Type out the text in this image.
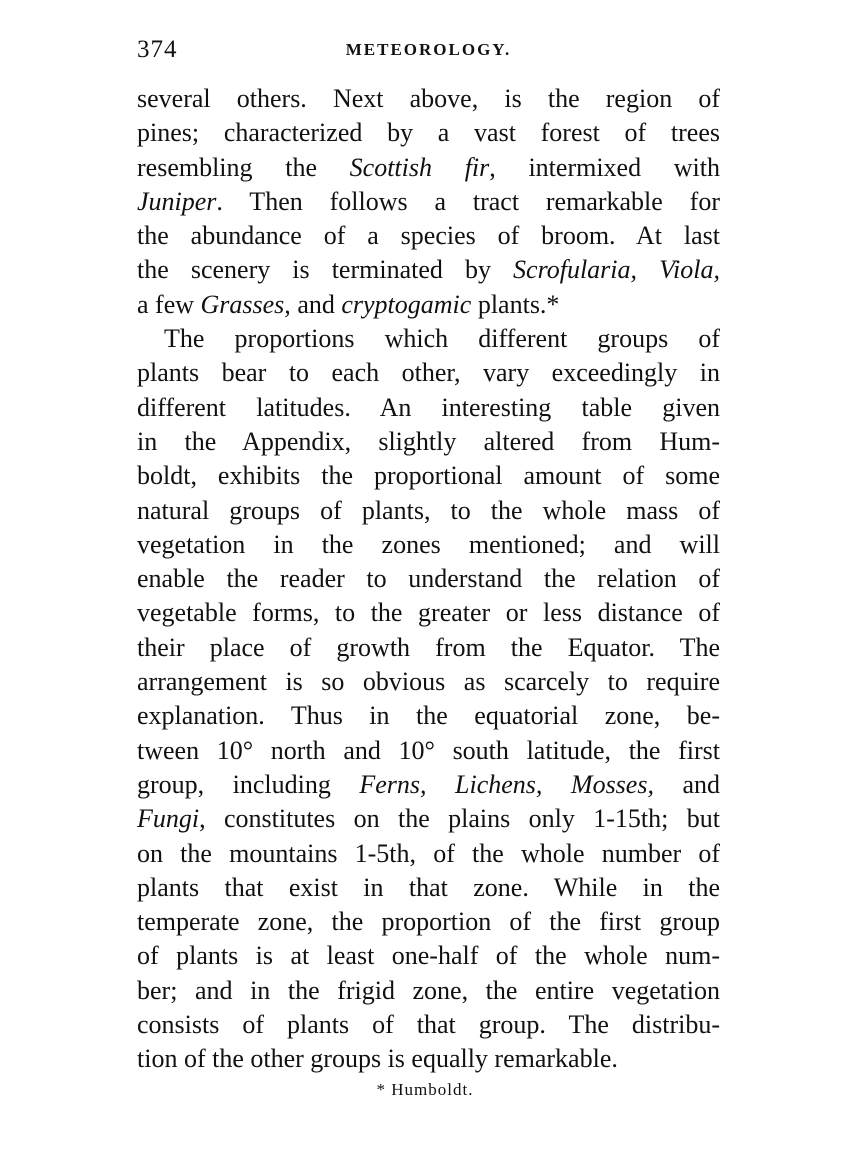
374	METEOROLOGY.
several others. Next above, is the region of
pines; characterized by a vast forest of trees
resembling the Scottish fir, intermixed with
Juniper. Then follows a tract remarkable for
the abundance of a species of broom. At last
the scenery is terminated by Scrofularia, Viola,
a few Grasses, and cryptogamic plants.*
The proportions which different groups of
plants bear to each other, vary exceedingly in
different latitudes. An interesting table given
in the Appendix, slightly altered from Hum-
boldt, exhibits the proportional amount of some
natural groups of plants, to the whole mass of
vegetation in the zones mentioned; and will
enable the reader to understand the relation of
vegetable forms, to the greater or less distance of
their place of growth from the Equator. The
arrangement is so obvious as scarcely to require
explanation. Thus in the equatorial zone, be-
tween 10° north and 10° south latitude, the first
group, including Ferns, Lichens, Mosses, and
Fungi, constitutes on the plains only 1-15th; but
on the mountains 1-5th, of the whole number of
plants that exist in that zone. While in the
temperate zone, the proportion of the first group
of plants is at least one-half of the whole num-
ber; and in the frigid zone, the entire vegetation
consists of plants of that group. The distribu-
tion of the other groups is equally remarkable.
* Humboldt.
